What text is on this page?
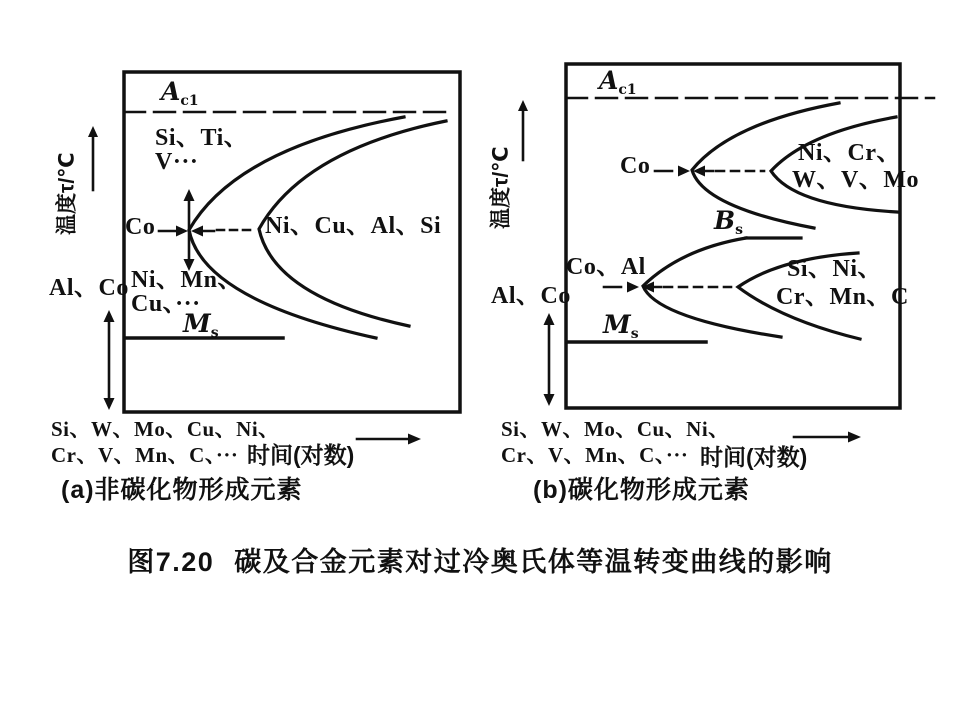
$A_{c1}$
温度τ/℃
Si、Ti、
V···
Co	Ni、Cu、Al、Si
Ni、Mn、
Cu、···
$M_s$
Al、Co
Si、W、Mo、Cu、Ni、
Cr、V、Mn、C、··· 时间(对数)
(a)非碳化物形成元素
$A_{c1}$
温度τ/℃	Co	Ni、Cr、
W、V、Mo
$B_s$
Co、Al	Si、Ni、
Cr、Mn、C
$M_s$
Al、Co
Si、W、Mo、Cu、Ni、
Cr、V、Mn、C、··· 时间(对数)
(b)碳化物形成元素
图7.20 碳及合金元素对过冷奥氏体等温转变曲线的影响
